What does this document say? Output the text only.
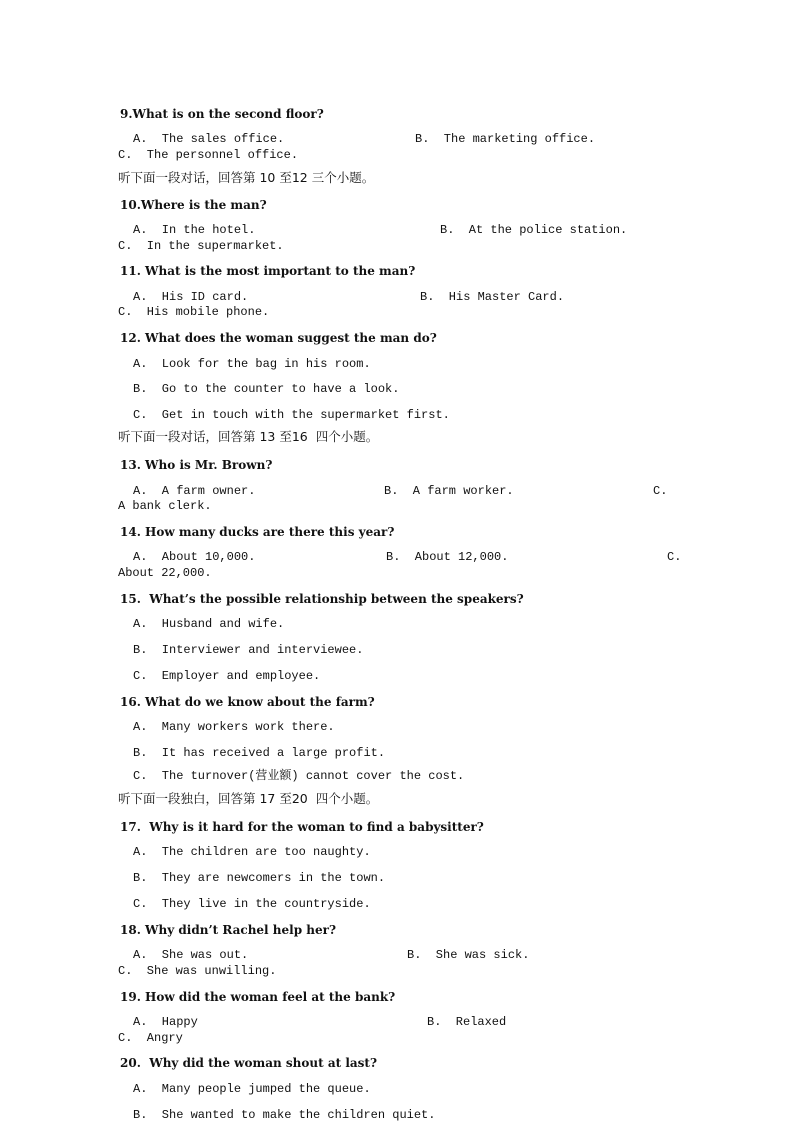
9.What is on the second floor?
A.  The sales office.	B.  The marketing office.
C.  The personnel office.
听下面一段对话，回答第 10 至12 三个小题。
10.Where is the man?
A.  In the hotel.	B.  At the police station.
C.  In the supermarket.
11. What is the most important to the man?
A.  His ID card.	B.  His Master Card.
C.  His mobile phone.
12. What does the woman suggest the man do?
A.  Look for the bag in his room.
B.  Go to the counter to have a look.
C.  Get in touch with the supermarket first.
听下面一段对话，回答第 13 至16  四个小题。
13. Who is Mr. Brown?
A.  A farm owner.	B.  A farm worker.	C.
A bank clerk.
14. How many ducks are there this year?
A.  About 10,000.	B.  About 12,000.	C.
About 22,000.
15.  What’s the possible relationship between the speakers?
A.  Husband and wife.
B.  Interviewer and interviewee.
C.  Employer and employee.
16. What do we know about the farm?
A.  Many workers work there.
B.  It has received a large profit.
C.  The turnover(营业额) cannot cover the cost.
听下面一段独白，回答第 17 至20  四个小题。
17.  Why is it hard for the woman to find a babysitter?
A.  The children are too naughty.
B.  They are newcomers in the town.
C.  They live in the countryside.
18. Why didn’t Rachel help her?
A.  She was out.	B.  She was sick.
C.  She was unwilling.
19. How did the woman feel at the bank?
A.  Happy	B.  Relaxed
C.  Angry
20.  Why did the woman shout at last?
A.  Many people jumped the queue.
B.  She wanted to make the children quiet.
